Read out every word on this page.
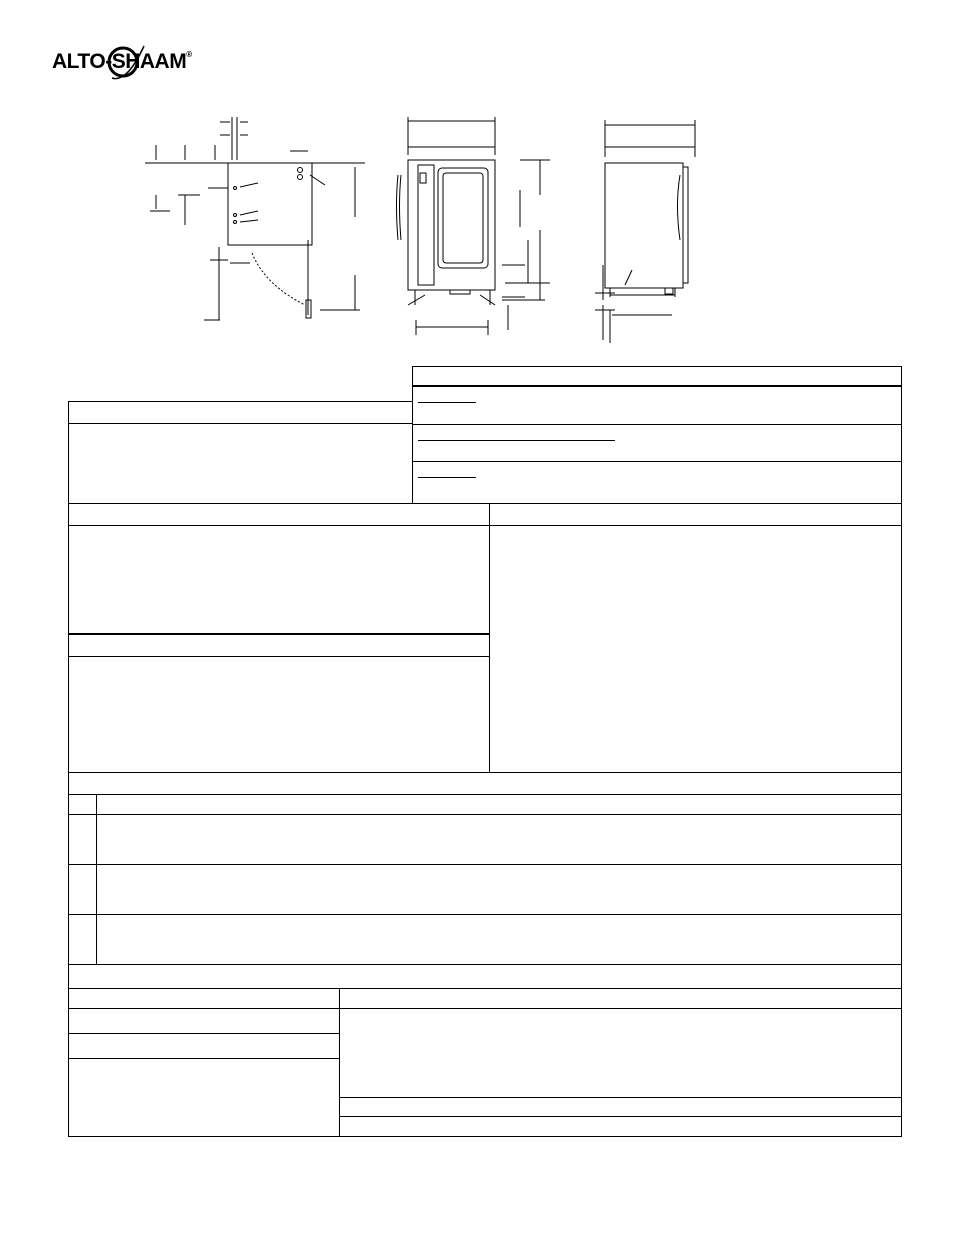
ALTO-SHAAM®
